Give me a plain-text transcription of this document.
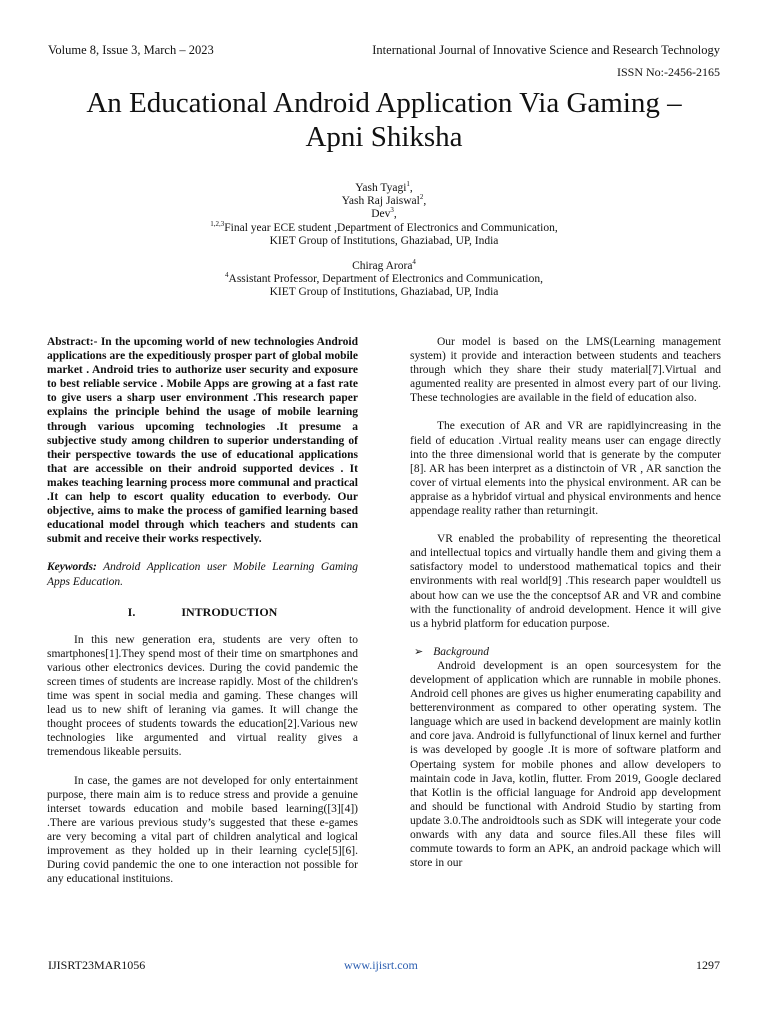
Volume 8, Issue 3, March – 2023	International Journal of Innovative Science and Research Technology
ISSN No:-2456-2165
An Educational Android Application Via Gaming –
Apni Shiksha
Yash Tyagi$^1$,
Yash Raj Jaiswal$^2$,
Dev$^3$,
$^{1,2,3}$Final year ECE student ,Department of Electronics and Communication,
KIET Group of Institutions, Ghaziabad, UP, India
Chirag Arora$^4$
$^4$Assistant Professor, Department of Electronics and Communication,
KIET Group of Institutions, Ghaziabad, UP, India
Abstract:- In the upcoming world of new technologies Android applications are the expeditiously prosper part of global mobile market . Android tries to authorize user security and exposure to best reliable service . Mobile Apps are growing at a fast rate to give users a sharp user environment .This research paper explains the principle behind the usage of mobile learning through various upcoming technologies .It presume a subjective study among children to superior understanding of their perspective towards the use of educational applications that are accessible on their android supported devices . It makes teaching learning process more communal and practical .It can help to escort quality education to everbody. Our objective, aims to make the process of gamified learning based educational model through which teachers and students can submit and receive their works respectively.
Keywords: Android Application user Mobile Learning Gaming Apps Education.
I.	INTRODUCTION

In this new generation era, students are very often to smartphones[1].They spend most of their time on smartphones and various other electronics devices. During the covid pandemic the screen times of students are increase rapidly. Most of the children's time was spent in social media and gaming. These changes will lead us to new shift of leraning via games. It will change the thought procees of students towards the education[2].Various new technologies like argumented and virtual reality gives a tremendous likeable persuits.

In case, the games are not developed for only entertainment purpose, there main aim is to reduce stress and provide a genuine interset towards education and mobile based learning([3][4]) .There are various previous study’s suggested that these e-games are very becoming a vital part of children analytical and logical improvement as they holded up in their learning cycle[5][6]. During covid pandemic the one to one interaction not possible for any educational instituions.

Our model is based on the LMS(Learning management system) it provide and interaction between students and teachers through which they share their study material[7].Virtual and agumented reality are presented in almost every part of our living. These technologies are available in the field of education also.

The execution of AR and VR are rapidlyincreasing in the field of education .Virtual reality means user can engage directly into the three dimensional world that is generate by the computer [8]. AR has been interpret as a distinctoin of VR , AR sanction the cover of virtual elements into the physical environment. AR can be appraise as a hybridof virtual and physical environments and hence appendage reality rather than returningit.

VR enabled the probability of representing the theoretical and intellectual topics and virtually handle them and giving them a satisfactory model to understood mathematical topics and their environments with real world[9] .This research paper wouldtell us about how can we use the the conceptsof AR and VR and combine with the functionality of android development. Hence it will give us a hybrid platform for education purpose.

➢ Background

Android development is an open sourcesystem for the development of application which are runnable in mobile phones. Android cell phones are gives us higher enumerating capability and betterenvironment as compared to other operating system. The language which are used in backend development are mainly kotlin and core java. Android is fullyfunctional of linux kernel and further is was developed by google .It is more of software platform and Opertaing system for mobile phones and allow developers to maintain code in Java, kotlin, flutter. From 2019, Google declared that Kotlin is the official language for Android app development and should be functional with Android Studio by starting from update 3.0.The androidtools such as SDK will integerate your code onwards with any data and source files.All these files will commute towards to form an APK, an android package which will store in our

IJISRT23MAR1056	www.ijisrt.com	1297
